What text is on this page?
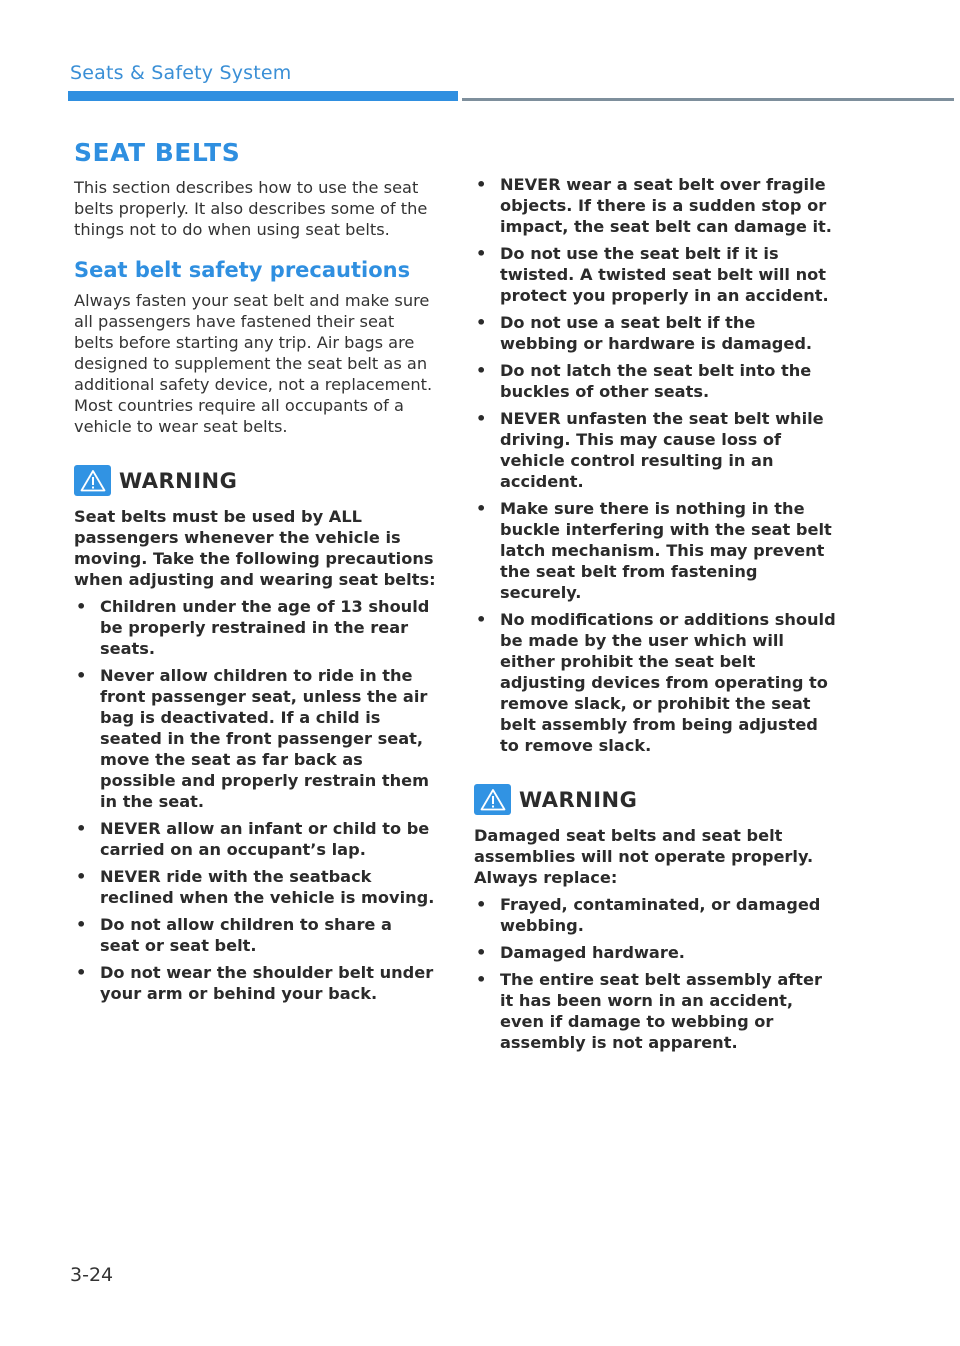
Seats & Safety System
SEAT BELTS

This section describes how to use the seat belts properly. It also describes some of the things not to do when using seat belts.

Seat belt safety precautions

Always fasten your seat belt and make sure all passengers have fastened their seat belts before starting any trip. Air bags are designed to supplement the seat belt as an additional safety device, not a replacement. Most countries require all occupants of a vehicle to wear seat belts.

WARNING

Seat belts must be used by ALL passengers whenever the vehicle is moving. Take the following precautions when adjusting and wearing seat belts:

• Children under the age of 13 should be properly restrained in the rear seats.
• Never allow children to ride in the front passenger seat, unless the air bag is deactivated. If a child is seated in the front passenger seat, move the seat as far back as possible and properly restrain them in the seat.
• NEVER allow an infant or child to be carried on an occupant’s lap.
• NEVER ride with the seatback reclined when the vehicle is moving.
• Do not allow children to share a seat or seat belt.
• Do not wear the shoulder belt under your arm or behind your back.
• NEVER wear a seat belt over fragile objects. If there is a sudden stop or impact, the seat belt can damage it.
• Do not use the seat belt if it is twisted. A twisted seat belt will not protect you properly in an accident.
• Do not use a seat belt if the webbing or hardware is damaged.
• Do not latch the seat belt into the buckles of other seats.
• NEVER unfasten the seat belt while driving. This may cause loss of vehicle control resulting in an accident.
• Make sure there is nothing in the buckle interfering with the seat belt latch mechanism. This may prevent the seat belt from fastening securely.
• No modifications or additions should be made by the user which will either prohibit the seat belt adjusting devices from operating to remove slack, or prohibit the seat belt assembly from being adjusted to remove slack.
WARNING

Damaged seat belts and seat belt assemblies will not operate properly. Always replace:

• Frayed, contaminated, or damaged webbing.
• Damaged hardware.
• The entire seat belt assembly after it has been worn in an accident, even if damage to webbing or assembly is not apparent.
3-24
